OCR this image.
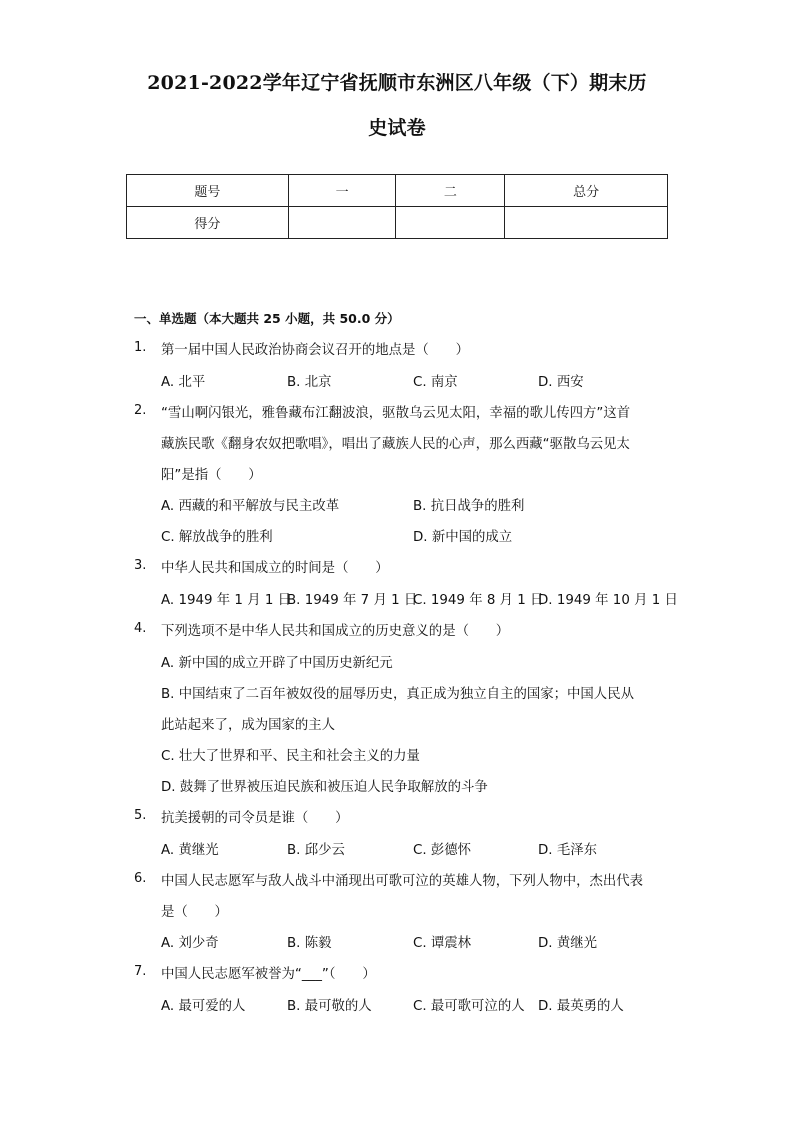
2021-2022学年辽宁省抚顺市东洲区八年级（下）期末历
史试卷
题号	一	二	总分
得分			
一、单选题（本大题共 25 小题，共 50.0 分）
1. 第一届中国人民政治协商会议召开的地点是（　　）
A. 北平	B. 北京	C. 南京	D. 西安
2. “雪山啊闪银光，雅鲁藏布江翻波浪，驱散乌云见太阳，幸福的歌儿传四方”这首
藏族民歌《翻身农奴把歌唱》，唱出了藏族人民的心声，那么西藏“驱散乌云见太
阳”是指（　　）
A. 西藏的和平解放与民主改革	B. 抗日战争的胜利
C. 解放战争的胜利	D. 新中国的成立
3. 中华人民共和国成立的时间是（　　）
A. 1949 年 1 月 1 日
B. 1949 年 7 月 1 日
C. 1949 年 8 月 1 日
D. 1949 年 10 月 1 日
4. 下列选项不是中华人民共和国成立的历史意义的是（　　）
A. 新中国的成立开辟了中国历史新纪元
B. 中国结束了二百年被奴役的屈辱历史，真正成为独立自主的国家；中国人民从
此站起来了，成为国家的主人
C. 壮大了世界和平、民主和社会主义的力量
D. 鼓舞了世界被压迫民族和被压迫人民争取解放的斗争
5. 抗美援朝的司令员是谁（　　）
A. 黄继光	B. 邱少云	C. 彭德怀	D. 毛泽东
6. 中国人民志愿军与敌人战斗中涌现出可歌可泣的英雄人物，下列人物中，杰出代表
是（　　）
A. 刘少奇	B. 陈毅	C. 谭震林	D. 黄继光
7. 中国人民志愿军被誉为“___”（　　）
A. 最可爱的人	B. 最可敬的人	C. 最可歌可泣的人 D. 最英勇的人
